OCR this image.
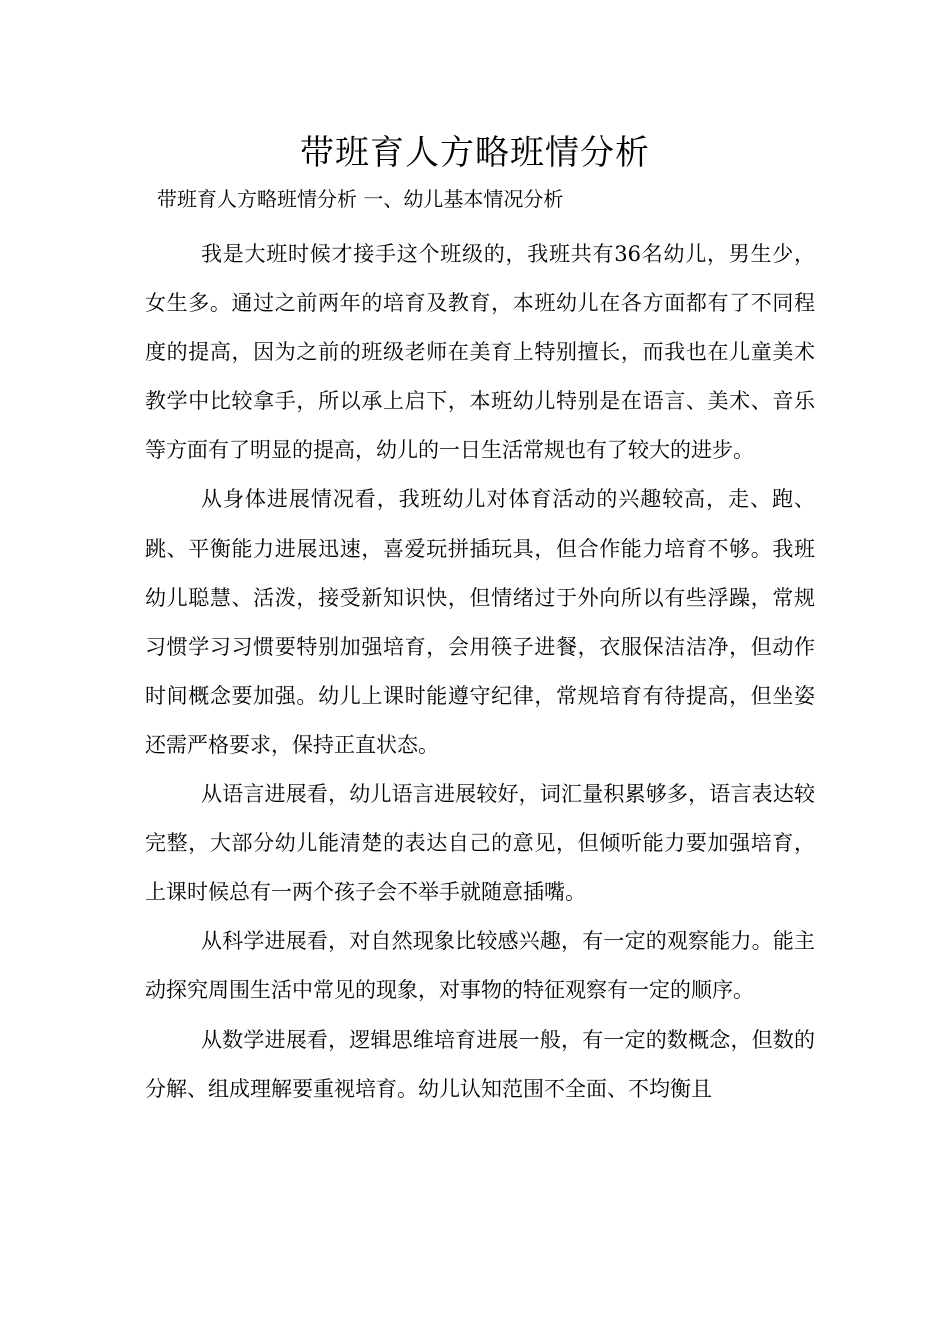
带班育人方略班情分析

带班育人方略班情分析 一、幼儿基本情况分析

我是大班时候才接手这个班级的，我班共有36名幼儿，男生少，女生多。通过之前两年的培育及教育，本班幼儿在各方面都有了不同程度的提高，因为之前的班级老师在美育上特别擅长，而我也在儿童美术教学中比较拿手，所以承上启下，本班幼儿特别是在语言、美术、音乐等方面有了明显的提高，幼儿的一日生活常规也有了较大的进步。

从身体进展情况看，我班幼儿对体育活动的兴趣较高，走、跑、跳、平衡能力进展迅速，喜爱玩拼插玩具，但合作能力培育不够。我班幼儿聪慧、活泼，接受新知识快，但情绪过于外向所以有些浮躁，常规习惯学习习惯要特别加强培育，会用筷子进餐，衣服保洁洁净，但动作时间概念要加强。幼儿上课时能遵守纪律，常规培育有待提高，但坐姿还需严格要求，保持正直状态。

从语言进展看，幼儿语言进展较好，词汇量积累够多，语言表达较完整，大部分幼儿能清楚的表达自己的意见，但倾听能力要加强培育，上课时候总有一两个孩子会不举手就随意插嘴。

从科学进展看，对自然现象比较感兴趣，有一定的观察能力。能主动探究周围生活中常见的现象，对事物的特征观察有一定的顺序。

从数学进展看，逻辑思维培育进展一般，有一定的数概念，但数的分解、组成理解要重视培育。幼儿认知范围不全面、不均衡且
